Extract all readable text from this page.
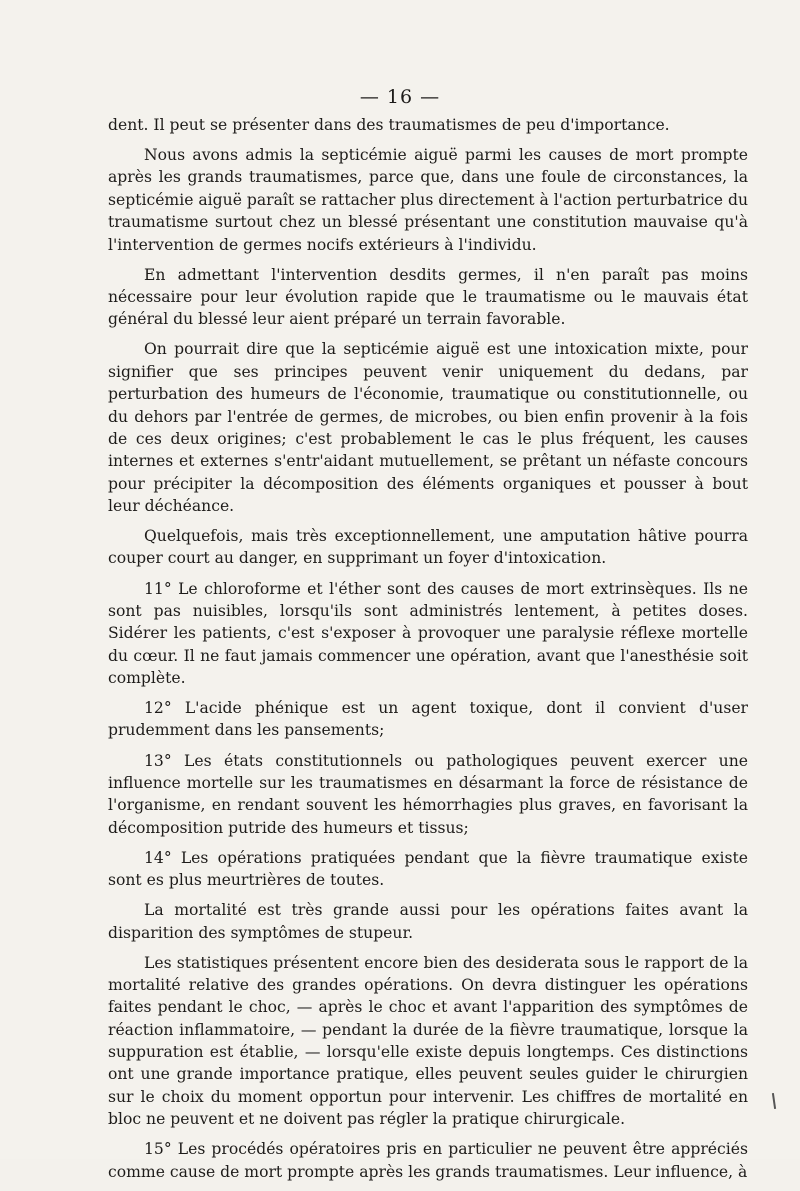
— 16 —

dent. Il peut se présenter dans des traumatismes de peu d'importance.

Nous avons admis la septicémie aiguë parmi les causes de mort prompte après les grands traumatismes, parce que, dans une foule de circonstances, la septicémie aiguë paraît se rattacher plus directement à l'action perturbatrice du traumatisme surtout chez un blessé présentant une constitution mauvaise qu'à l'intervention de germes nocifs extérieurs à l'individu.

En admettant l'intervention desdits germes, il n'en paraît pas moins nécessaire pour leur évolution rapide que le traumatisme ou le mauvais état général du blessé leur aient préparé un terrain favorable.

On pourrait dire que la septicémie aiguë est une intoxication mixte, pour signifier que ses principes peuvent venir uniquement du dedans, par perturbation des humeurs de l'économie, traumatique ou constitutionnelle, ou du dehors par l'entrée de germes, de microbes, ou bien enfin provenir à la fois de ces deux origines; c'est probablement le cas le plus fréquent, les causes internes et externes s'entr'aidant mutuellement, se prêtant un néfaste concours pour précipiter la décomposition des éléments organiques et pousser à bout leur déchéance.

Quelquefois, mais très exceptionnellement, une amputation hâtive pourra couper court au danger, en supprimant un foyer d'intoxication.

11° Le chloroforme et l'éther sont des causes de mort extrinsèques. Ils ne sont pas nuisibles, lorsqu'ils sont administrés lentement, à petites doses. Sidérer les patients, c'est s'exposer à provoquer une paralysie réflexe mortelle du cœur. Il ne faut jamais commencer une opération, avant que l'anesthésie soit complète.

12° L'acide phénique est un agent toxique, dont il convient d'user prudemment dans les pansements;

13° Les états constitutionnels ou pathologiques peuvent exercer une influence mortelle sur les traumatismes en désarmant la force de résistance de l'organisme, en rendant souvent les hémorrhagies plus graves, en favorisant la décomposition putride des humeurs et tissus;

14° Les opérations pratiquées pendant que la fièvre traumatique existe sont es plus meurtrières de toutes.

La mortalité est très grande aussi pour les opérations faites avant la disparition des symptômes de stupeur.

Les statistiques présentent encore bien des desiderata sous le rapport de la mortalité relative des grandes opérations. On devra distinguer les opérations faites pendant le choc, — après le choc et avant l'apparition des symptômes de réaction inflammatoire, — pendant la durée de la fièvre traumatique, lorsque la suppuration est établie, — lorsqu'elle existe depuis longtemps. Ces distinctions ont une grande importance pratique, elles peuvent seules guider le chirurgien sur le choix du moment opportun pour intervenir. Les chiffres de mortalité en bloc ne peuvent et ne doivent pas régler la pratique chirurgicale.

15° Les procédés opératoires pris en particulier ne peuvent être appréciés comme cause de mort prompte après les grands traumatismes. Leur influence, à
